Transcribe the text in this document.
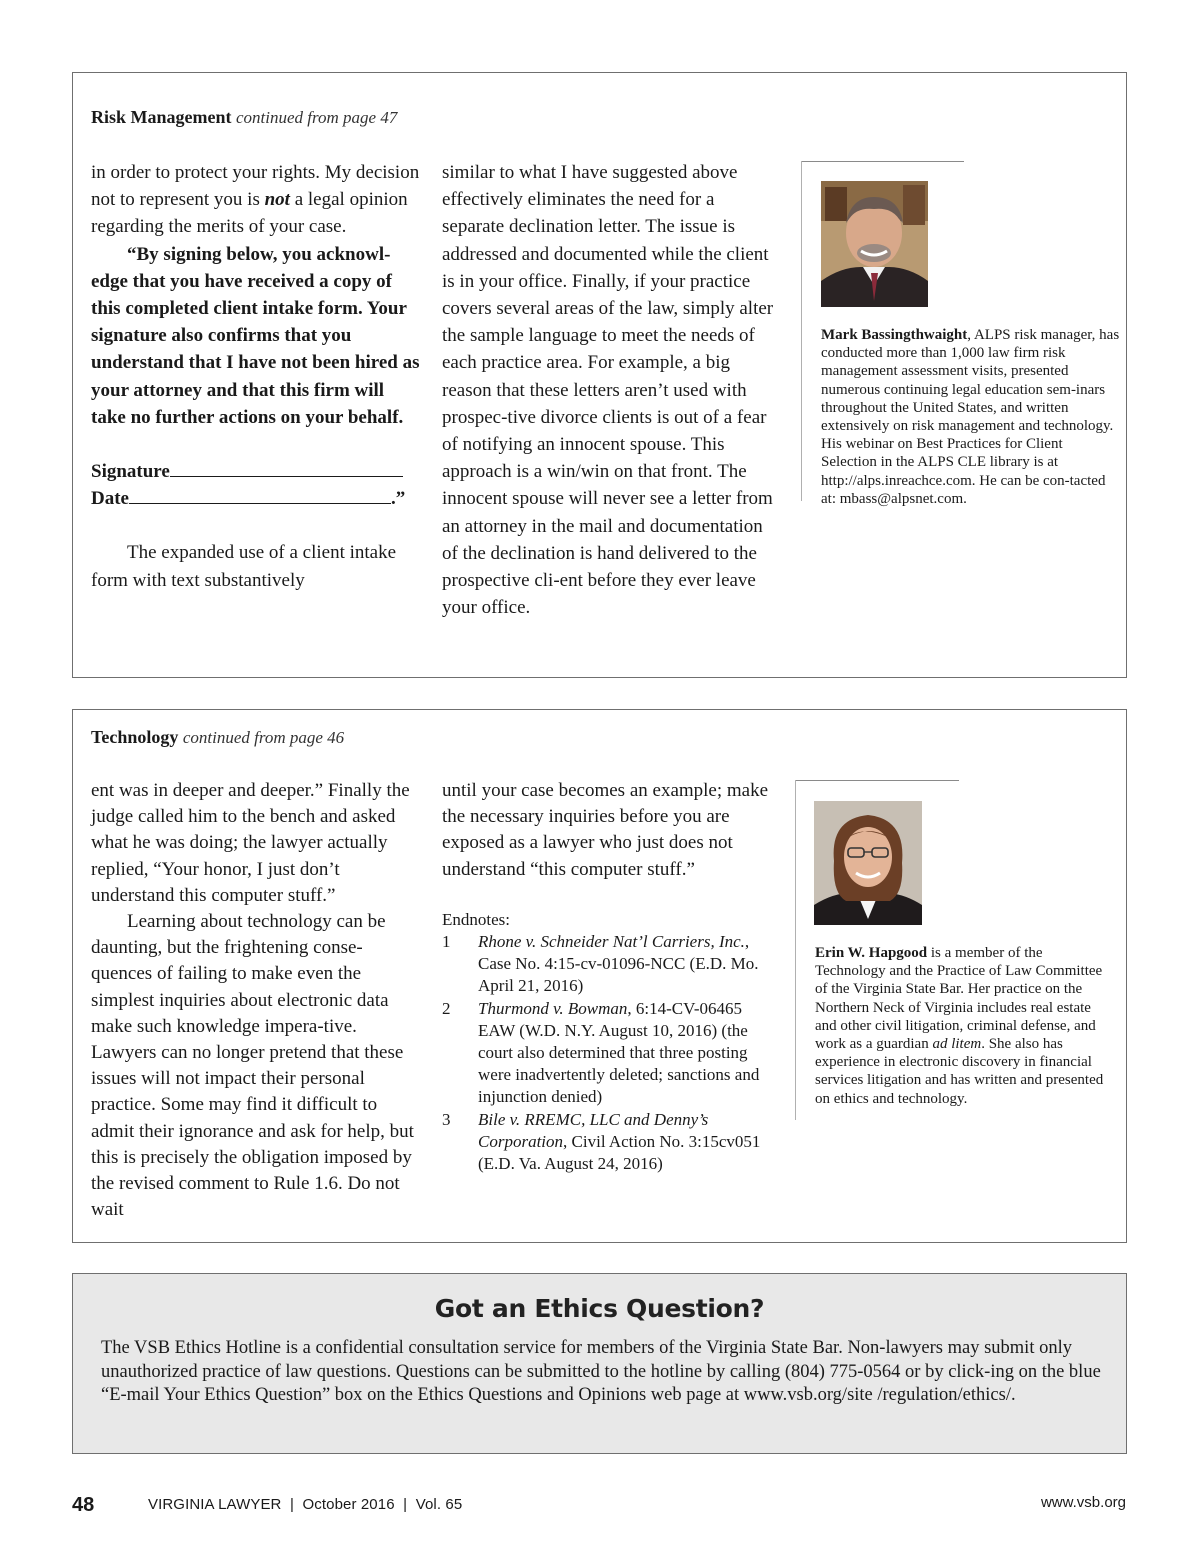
Risk Management continued from page 47

in order to protect your rights. My decision not to represent you is not a legal opinion regarding the merits of your case.

“By signing below, you acknowl-edge that you have received a copy of this completed client intake form. Your signature also confirms that you understand that I have not been hired as your attorney and that this firm will take no further actions on your behalf.

Signature

Date	.”

The expanded use of a client intake form with text substantively

similar to what I have suggested above effectively eliminates the need for a separate declination letter. The issue is addressed and documented while the client is in your office. Finally, if your practice covers several areas of the law, simply alter the sample language to meet the needs of each practice area. For example, a big reason that these letters aren’t used with prospec-tive divorce clients is out of a fear of notifying an innocent spouse. This approach is a win/win on that front. The innocent spouse will never see a letter from an attorney in the mail and documentation of the declination is hand delivered to the prospective cli-ent before they ever leave your office.

Mark Bassingthwaight, ALPS risk manager, has conducted more than 1,000 law firm risk management assessment visits, presented numerous continuing legal education sem-inars throughout the United States, and written extensively on risk management and technology. His webinar on Best Practices for Client Selection in the ALPS CLE library is at http://alps.inreachce.com. He can be con-tacted at: mbass@alpsnet.com.
Technology continued from page 46

ent was in deeper and deeper.” Finally the judge called him to the bench and asked what he was doing; the lawyer actually replied, “Your honor, I just don’t understand this computer stuff.”

Learning about technology can be daunting, but the frightening conse-quences of failing to make even the simplest inquiries about electronic data make such knowledge impera-tive. Lawyers can no longer pretend that these issues will not impact their personal practice. Some may find it difficult to admit their ignorance and ask for help, but this is precisely the obligation imposed by the revised comment to Rule 1.6. Do not wait

until your case becomes an example; make the necessary inquiries before you are exposed as a lawyer who just does not understand “this computer stuff.”

Endnotes:
1	Rhone v. Schneider Nat’l Carriers, Inc., Case No. 4:15-cv-01096-NCC (E.D. Mo. April 21, 2016)
2	Thurmond v. Bowman, 6:14-CV-06465 EAW (W.D. N.Y. August 10, 2016) (the court also determined that three posting were inadvertently deleted; sanctions and injunction denied)
3	Bile v. RREMC, LLC and Denny’s Corporation, Civil Action No. 3:15cv051 (E.D. Va. August 24, 2016)
Erin W. Hapgood is a member of the Technology and the Practice of Law Committee of the Virginia State Bar. Her practice on the Northern Neck of Virginia includes real estate and other civil litigation, criminal defense, and work as a guardian ad litem. She also has experience in electronic discovery in financial services litigation and has written and presented on ethics and technology.
Got an Ethics Question?
The VSB Ethics Hotline is a confidential consultation service for members of the Virginia State Bar. Non-lawyers may submit only unauthorized practice of law questions. Questions can be submitted to the hotline by calling (804) 775-0564 or by click-ing on the blue “E-mail Your Ethics Question” box on the Ethics Questions and Opinions web page at www.vsb.org/site /regulation/ethics/.
48	VIRGINIA LAWYER  |  October 2016  |  Vol. 65	www.vsb.org
